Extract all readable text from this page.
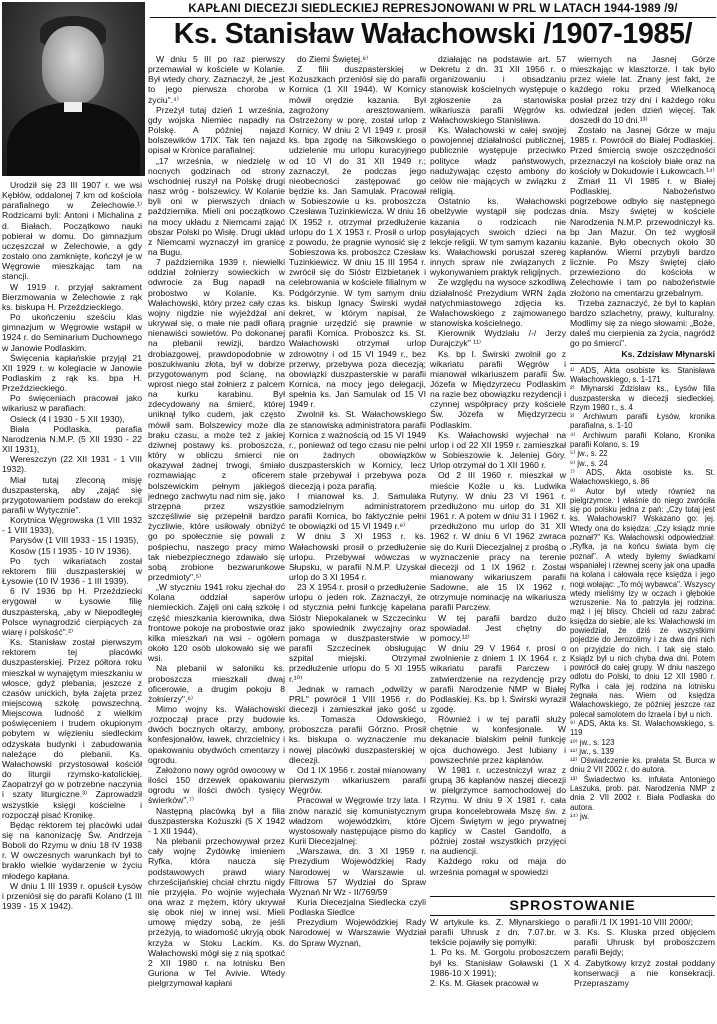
KAPŁANI DIECEZJI SIEDLECKIEJ REPRESJONOWANI W PRL W LATACH 1944-1989 /9/
Ks. Stanisław Wałachowski /1907-1985/

Urodził się 23 III 1907 r. we wsi Kębłów, oddalonej 7 km od kościoła parafialnego w Żelechowie.¹⁾ Rodzicami byli: Antoni i Michalina z d. Białach. Początkowo nauki pobierał w domu. Do gimnazjum uczęszczał w Żelechowie, a gdy zostało ono zamknięte, kończył je w Węgrowie mieszkając tam na stancji.

W 1919 r. przyjął sakrament Bierzmowania w Żelechowie z rąk ks. biskupa H. Przeździeckiego.

Po ukończeniu sześciu klas gimnazjum w Węgrowie wstąpił w 1924 r. do Seminarium Duchownego w Janowie Podlaskim.

Święcenia kapłańskie przyjął 21 XII 1929 r. w kolegiacie w Janowie Podlaskim z rąk ks. bpa H. Przeździeckiego.

Po święceniach pracował jako wikariusz w parafiach:

Osieck (4 I 1930 - 5 XII 1930),

Biała Podlaska, parafia Narodzenia N.M.P. (5 XII 1930 - 22 XII 1931),

Wereszczyn (22 XII 1931 - 1 VIII 1932).

Miał tutaj zleconą misję duszpasterską, aby „zająć się przygotowaniem podstaw do erekcji parafii w Wytycznie".

Korytnica Węgrowska (1 VIII 1932 - 1 VIII 1933),

Parysów (1 VIII 1933 - 15 I 1935),

Kosów (15 I 1935 - 10 IV 1936).

Po tych wikariatach został rektorem filii duszpasterskiej w Łysowie (10 IV 1936 - 1 III 1939).

6 IV 1936 bp H. Przeździecki erygował w Łysowie filię duszpasterską, „aby w Niepodległej Polsce wynagrodzić cierpiących za wiarę i polskość".²⁾

Ks. Stanisław został pierwszym rektorem tej placówki duszpasterskiej. Przez półtora roku mieszkał w wynajętym mieszkaniu w włosce, gdyż plebania, jeszcze z czasów unickich, była zajęta przez miejscową szkołę powszechną. Miejscowa ludność z wielkim poświęceniem i trudem okupionym pobytem w więzieniu siedleckim odzyskała budynki i zabudowania należące do plebanii. Ks. Wałachowski przystosował kościół do liturgii rzymsko-katolickiej. Zaopatrzył go w potrzebne naczynia i szaty liturgiczne.³⁾ Zaprowadził wszystkie księgi kościelne i rozpoczął pisać Kronikę.

Będąc rektorem tej placówki udał się na kanonizację Św. Andrzeja Boboli do Rzymu w dniu 18 IV 1938 r. W owczesnych warunkach był to brakło wielkie wydarzenie w życiu młodego kapłana.

W dniu 1 III 1939 r. opuścił Łysów i przeniósł się do parafii Kolano (1 III 1939 - 15 X 1942).

W dniu 5 III po raz pierwszy przemawiał w kościele w Kolanie. Był wtedy chory. Zaznaczył, że „jest to jego pierwsza choroba w życiu".⁴⁾

Przeżył tutaj dzień 1 września, gdy wojska Niemiec napadły na Polskę. A później najazd bolszewików 17IX. Tak ten najazd opisał w Kronice parafialnej:

„17 września, w niedzielę w nocnych godzinach od strony wschodniej ruszył na Polskę drugi nasz wróg - bolszewicy. W Kolanie byli oni w pierwszych dniach października. Mieli oni początkowo na mocy układu z Niemcami zająć obszar Polski po Wisłę. Drugi układ z Niemcami wyznaczył im granicę na Bugu.

7 października 1939 r. niewielki oddział żołnierzy sowieckich w odwrocie za Bug napadł na probostwo w Kolanie. Ks. Wałachowski, który przez cały czas wojny nigdzie nie wyjeżdżał ani ukrywał się, o małe nie padł ofiarą nienawiści sowietów. Po dokonanej na plebanii rewizji, bardzo drobiazgowej, prawdopodobnie w poszukiwaniu złota, był w dobrze przygotowanym pod ścianę, na wprost niego stał żołnierz z palcem na kurku karabinu. Był zdecydowany na śmierć, której uniknął tylko cudem, jak często mówił sam. Bolszewicy może dla braku czasu, a może też z jakiej dziwnej postawy ks. proboszcza, który w obliczu śmierci nie okazywał żadnej trwogi, śmiało rozmawiając z oficerem bolszewickim pełnym jakiegoś jednego zachwytu nad nim się, jako strzępna przez wszystkie szczęśliwie się przepełnił bardzo życzliwie, które usiłowały obniżyć go po społecznie się powali z pośpiechu, naszego pracy mimo tak niebezpiecznego zdawało się sobą zrobione bezwarunkowe przedmioty".⁵⁾

„W styczniu 1941 roku zjechał do Kolana oddział saperów niemieckich. Zajęli oni całą szkołę i część mieszkania kierownika, dwa frontowe pokoje na probostwie oraz kilka mieszkań na wsi - ogółem około 120 osób ulokowało się we wsi.

Na plebanii w saloniku ks. proboszcza mieszkali dwaj oficerowie, a drugim pokoju 8 żołnierzy".⁶⁾

Mimo wojny ks. Wałachowski „rozpoczął prace przy budowie dwóch bocznych ołtarzy, ambony, konfesjonałów, ławek, chrzcielnicy i opakowaniu obydwóch cmentarzy i ogrodu.

Założono nowy ogród owocowy w ilości 150 drzewek opakowaniu ogrodu w ilości dwóch tysięcy świerków".⁷⁾

Następną placówką był a filia duszpasterska Kożuszki (5 X 1942 - 1 XII 1944).

Na plebanii przechowywał przez cały wojnę Żydówkę imieniem Ryfka, która naucza się podstawowych prawd wiary chrześcijańskiej chciał chrztu nigdy nie przyjęła. Po wojnie wyjechała ona wraz z mężem, który ukrywał się obok niej w innej wsi. Mieli umowę między sobą, że jeśli przeżyją, to wiadomość ukryją obok krzyża w Stoku Lackim. Ks. Wałachowski mógł się z nią spotkać 2 XII 1980 r. na lotnisku Ben Guriona w Tel Avivie. Wtedy pielgrzymował kapłani

do Ziemi Świętej.⁸⁾

Z filii duszpasterskiej w Kożuszkach przeniósł się do parafii Kornica (1 XII 1944). W Kornicy mówił orędzie kazania. Był zagrożony aresztowaniem. Ostrzeżony w porę, został urlop z Kornicy. W dniu 2 VI 1949 r. prosił ks. bpa zgodę na Siłkowskiego o udzielenie mu urlopu kuracyjnego od 10 VI do 31 XII 1949 r.; zaznaczył, że podczas jego nieobecności zastępować go będzie ks. Jan Samulak. Pracował w Sobieszowie u ks. proboszcza Czesława Tuzinkiewicza. W dniu 16 IX 1952 r. otrzymał przedłużenie urlopu do 1 X 1953 r. Prosił o urlop z powodu, że pragnie wynosić się z Sobieszowa ks. proboszcz Czesław Tuzinkiewicz. W dniu 15 III 1954 r. zwrócił się do Sióstr Elżbietanek i celebrowania w kościele filialnym w Podgórzynie. W tym samym dniu ks. biskup Ignacy Świrski wydał dekret, w którym napisał, że pragnie urzędzić się prawnie w parafii Kornica. Proboszcz ks. St. Wałachowski otrzymał urlop zdrowotny i od 15 VI 1949 r., bez przerwy, przebywa poza diecezją; obowiązki duszpasterskie w parafii Kornica, na mocy jego delegacji, spełnia ks. Jan Samulak od 15 VI 1949 r.

Zwolnił ks. St. Wałachowskiego ze stanowiska administratora parafii Kornica z ważnością od 15 VI 1949 r., ponieważ od tego czasu nie pełni on żadnych obowiązków duszpasterskich w Kornicy, lecz stale przebywał i przebywa poza diecezją i poza parafią.

I mianował ks. J. Samulaka samodzielnym administratorem parafii Kornica, bo faktycznie pełni te obowiązki od 15 VI 1949 r.⁹⁾

W dniu 3 XI 1953 r. ks. Wałachowski prosił o przedłużenie urlopu. Przebywał wówczas w Słupsku, w parafii N.M.P. Uzyskał urlop do 3 XI 1954 r.

23 X 1954 r. prosił o przedłużenie urlopu o jeden rok. Zaznaczył, że od stycznia pełni funkcję kapelana Sióstr Niepokalanek w Szczecinku jako spowiednik zwyczajny oraz pomaga w duszpasterstwie w parafii Szczecinek obsługując szpital miejski. Otrzymał przedłużenie urlopu do 5 XI 1955 r.¹⁰⁾

Jednak w ramach „odwilży w PRL" powrócił 1 VIII 1956 r. do diecezji i zamieszkał jako gość u ks. Tomasza Odowskiego, proboszcza parafii Górzno. Prosił ks. biskupa o wyznaczenie mu nowej placówki duszpasterskiej w diecezji.

Od 1 IX 1956 r. został mianowany pierwszym wikariuszem parafii Węgrów.

Pracował w Węgrowie trzy lata. I znów narazić się komunistycznym władzom wojewódzkim, które wystosowały następujące pismo do Kurii Diecezjalnej:

„Warszawa, dn. 3 XI 1959 r. Prezydium Wojewódzkiej Rady Narodowej w Warszawie ul. Filtrowa 57 Wydział do Spraw Wyznań Nr Wz - II/769/59

Kuria Diecezjalna Siedlecka czyli Podlaska Siedlce

Prezydium Wojewódzkiej Rady Narodowej w Warszawie Wydział do Spraw Wyznań,

działając na podstawie art. 57 Dekretu z dn. 31 XII 1956 r. o organizowaniu i obsadzaniu stanowisk kościelnych występuje o zgłoszenie za stanowiska wikariusza parafii Węgrów ks. Wałachowskiego Stanisława.

Ks. Wałachowski w całej swojej powojennej działalności publicznej, publicznie występuje przeciwko polityce władz państwowych, nadużywając często ambony do celów nie mających w związku z religią.

Ostatnio ks. Wałachowski obelżywie wystąpił się podczas kazania o rodzicach nie posyłających swoich dzieci na lekcje religii. W tym samym kazaniu ks. Wałachowski poruszał szereg innych spraw nie związanych z wykonywaniem praktyk religijnych.

Ze względu na wysoce szkodliwą działalność Prezydium WRN żąda natychmiastowego zdjęcia ks. Wałachowskiego z zajmowanego stanowiska kościelnego.

Kierownik Wydziału /-/ Jerzy Durajczyk" ¹¹⁾

Ks. bp I. Świrski zwolnił go z wikariatu parafii Węgrów i mianował wikariuszem parafii Św. Józefa w Międzyrzecu Podlaskim na razie bez obowiązku rezydencji i czynnej współpracy przy kościele Św. Józefa w Międzyrzecu Podlaskim.

Ks. Wałachowski wyjechał na urlop i od 22 XII 1959 r. zamieszkał w Sobieszowie k. Jeleniej Góry. Urlop otrzymał do 1 XII 1960 r.

Od 2 III 1960 r. mieszkał w mieście Koźle u ks. Ludwika Rutyny. W dniu 23 VI 1961 r. przedłużono mu urlop do 31 XII 1961 r. A potem w dniu 31 I 1962 r. przedłużono mu urlop do 31 XII 1962 r. W dniu 6 VI 1962 zwraca się do Kurii Diecezjalnej z prośbą o wyznaczenie pracy na terenie diecezji od 1 IX 1962 r. Został mianowany wikariuszem parafii Sadowne, ale 15 IX 1962 r. otrzymuje nominację na wikariusza parafii Parczew.

W tej parafii bardzo dużo spowiadał. Jest chętny do pomocy.¹²⁾

W dniu 29 V 1964 r. prosi o zwolnienie z dniem 1 IX 1964 r. z wikariatu parafii Parczew i zatwierdzenie na rezydencję przy parafii Narodzenie NMP w Białej Podlaskiej. Ks. bp I. Świrski wyraził zgodę.

Również i w tej parafii służy chętnie w konfesjonale. W dekanacie bialskim pełnił funkcję ojca duchowego. Jest lubiany i powszechnie przez kapłanów.

W 1981 r. uczestniczył wraz z grupą 36 kapłanów naszej diecezji w pielgrzymce samochodowej do Rzymu. W dniu 9 X 1981 r. cała grupa koncelebrowała Mszę św. z Ojcem Świętym w jego prywatnej kaplicy w Castel Gandolfo, a później został wszystkich przyjęci na audiencji.

Każdego roku od maja do września pomagał w spowiedzi

wiernych na Jasnej Górze mieszkając w klasztorze. I tak było przez wiele lat. Znany jest fakt, że każdego roku przed Wielkanocą posłał przez trzy dni i każdego roku odwiedzał jeden dzień więcej. Tak doszedł do 10 dni.¹³⁾

Zostało na Jasnej Górze w maju 1985 r. Powrócił do Białej Podlaskiej. Przed śmiercią swoje oszczędności przeznaczył na kościoły białe oraz na kościoły w Dokudowie i Łukowcach.¹⁴⁾

Zmarł 11 VI 1985 r. w Białej Podlaskiej. Nabożeństwo pogrzebowe odbyło się następnego dnia. Mszy świętej w kościele Narodzenia N.M.P. przewodniczył ks. bp Jan Mazur. On też wygłosił kazanie. Było obecnych około 30 kapłanów. Wierni przybyli bardzo licznie. Po Mszy świętej ciało przewieziono do kościoła w Żelechowie i tam po nabożeństwie złożono na cmentarzu grzebalnym.

Trzeba zaznaczyć, że był to kapłan bardzo szlachetny, prawy, kulturalny. Modlimy się za niego słowami: „Boże, daleś mu cierpienia za życia, nagródź go po śmierci".

Ks. Zdzisław Młynarski

¹⁾ ADS, Akta osobiste ks. Stanisława Wałachowskiego, s. 1-171

²⁾ Młynarski Zdzisław ks., Łysów filia duszpasterska w diecezji siedleckiej. Rzym 1980 r., s. 4

³⁾ Archiwum parafii Łysów, kronika parafialna, s. 1-10

⁴⁾ Archiwum parafii Kolano, Kronika parafii Kolano, s. 19

⁵⁾ jw., s. 22

⁶⁾ jw., s. 24

⁷⁾ ADS, Akta osobiste ks. St. Wałachowskiego, s. 86

⁸⁾ Autor był wtedy również na pielgrzymce. I właśnie do niego zwróciła się po polsku jedna z pań: „Czy tutaj jest ks. Wałachowski? Wskazano go: jej. Wtedy ona do księdza: „Czy ksiądz mnie poznał?" Ks. Wałachowski odpowiedział: „Ryfka, ja na końcu świata bym cię poznał". A wtedy byłemy świadkami wspaniałej i rzewnej sceny jak ona upadła na kolana i całowała ręce księdza i jego nogi wołając: „To mój wybawca". Wszyscy wtedy mieliśmy łzy w oczach i głębokie wzruszenie. Na to patrzyła jej rodzina: mąż i jej bliscy. Chcieli od razu zabrać księdza do siebie, ale ks. Wałachowski im powiedział, że dziś ze wszystkimi pojedzie do Jerozolimy i za dwa dni nich on przyjdzie do nich. I tak się stało. Ksiądz był u nich chyba dwa dni. Potem powrócił do całej grupy. W dniu naszego odlotu do Polski, to dniu 12 XII 1980 r. Ryfka i cała jej rodzina na lotnisku żegnała nas. Wiem od księdza Wałachowskiego, że później jeszcze raz polecał samolotem do Izraela i był u nich.

⁹⁾ ADS, Akta ks. St. Wałachowskiego, s. 119

¹⁰⁾ jw., s. 123

¹¹⁾ jw., s. 139

¹²⁾ Oświadczenie ks. prałata St. Burca w dniu 2 VII 2002 r. do autora.

¹³⁾ Świadectwo ks. infułata Antoniego Laszuka, prob. par. Narodzenia NMP z dnia 2 VII 2002 r. Biała Podlaska do autora.

¹⁴⁾ jw.

SPROSTOWANIE

W artykule ks. Z. Młynarskiego o parafii Uhrusk z dn. 7.07.br. w tekście pojawiły się pomyłki:

1. Po ks. M. Gorgolu proboszczem był ks. Stanisław Goławski (1 X 1986-10 X 1991);

2. Ks. M. Głasek pracował w

parafii /1 IX 1991-10 VIII 2000/;

3. Ks. S. Kluska przed objęciem parafii Uhrusk był proboszczem parafii Bejdy;

4. Zabytkowy krzyż został poddany konserwacji a nie konsekracji. Przepraszamy
